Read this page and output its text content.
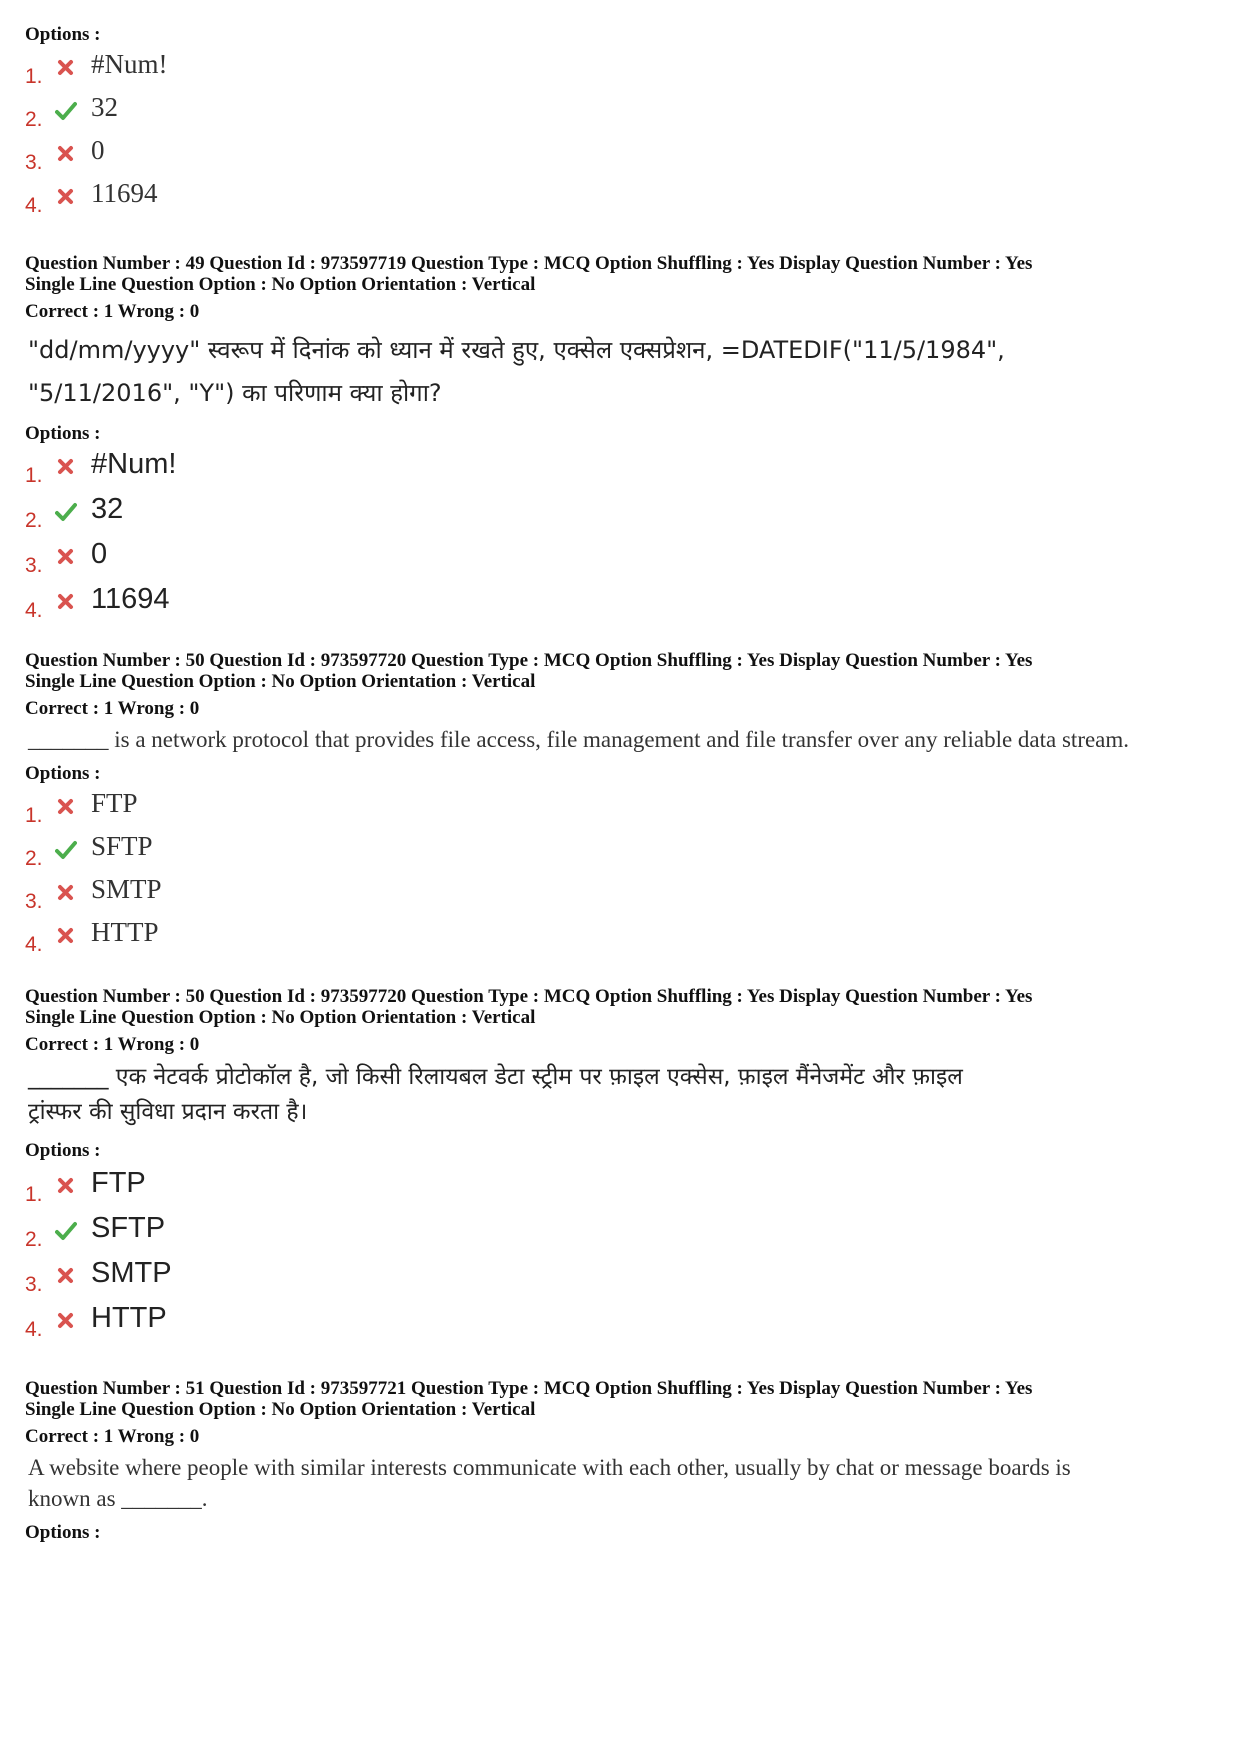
Options :
1. #Num!
2. 32
3. 0
4. 11694
Question Number : 49 Question Id : 973597719 Question Type : MCQ Option Shuffling : Yes Display Question Number : Yes
Single Line Question Option : No Option Orientation : Vertical
Correct : 1 Wrong : 0
"dd/mm/yyyy" स्वरूप में दिनांक को ध्यान में रखते हुए, एक्सेल एक्सप्रेशन, =DATEDIF("11/5/1984",
"5/11/2016", "Y") का परिणाम क्या होगा?
Options :
1. #Num!
2. 32
3. 0
4. 11694
Question Number : 50 Question Id : 973597720 Question Type : MCQ Option Shuffling : Yes Display Question Number : Yes
Single Line Question Option : No Option Orientation : Vertical
Correct : 1 Wrong : 0
_______ is a network protocol that provides file access, file management and file transfer over any reliable data stream.
Options :
1. FTP
2. SFTP
3. SMTP
4. HTTP
Question Number : 50 Question Id : 973597720 Question Type : MCQ Option Shuffling : Yes Display Question Number : Yes
Single Line Question Option : No Option Orientation : Vertical
Correct : 1 Wrong : 0
_______ एक नेटवर्क प्रोटोकॉल है, जो किसी रिलायबल डेटा स्ट्रीम पर फ़ाइल एक्सेस, फ़ाइल मैंनेजमेंट और फ़ाइल
ट्रांस्फर की सुविधा प्रदान करता है।
Options :
1. FTP
2. SFTP
3. SMTP
4. HTTP
Question Number : 51 Question Id : 973597721 Question Type : MCQ Option Shuffling : Yes Display Question Number : Yes
Single Line Question Option : No Option Orientation : Vertical
Correct : 1 Wrong : 0
A website where people with similar interests communicate with each other, usually by chat or message boards is
known as _______.
Options :
